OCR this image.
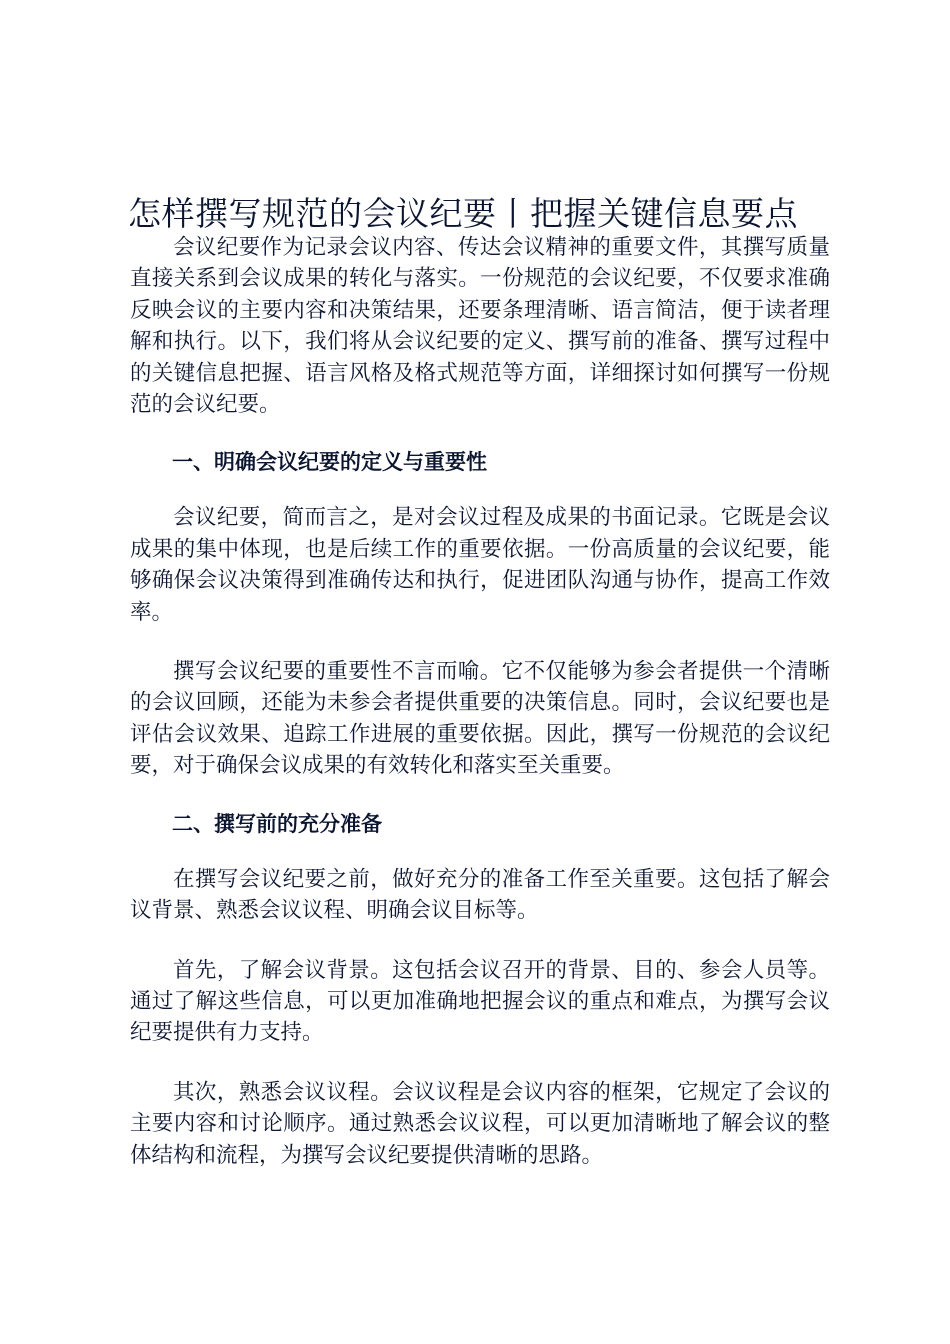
怎样撰写规范的会议纪要丨把握关键信息要点

会议纪要作为记录会议内容、传达会议精神的重要文件，其撰写质量直接关系到会议成果的转化与落实。一份规范的会议纪要，不仅要求准确反映会议的主要内容和决策结果，还要条理清晰、语言简洁，便于读者理解和执行。以下，我们将从会议纪要的定义、撰写前的准备、撰写过程中的关键信息把握、语言风格及格式规范等方面，详细探讨如何撰写一份规范的会议纪要。

一、明确会议纪要的定义与重要性

会议纪要，简而言之，是对会议过程及成果的书面记录。它既是会议成果的集中体现，也是后续工作的重要依据。一份高质量的会议纪要，能够确保会议决策得到准确传达和执行，促进团队沟通与协作，提高工作效率。

撰写会议纪要的重要性不言而喻。它不仅能够为参会者提供一个清晰的会议回顾，还能为未参会者提供重要的决策信息。同时，会议纪要也是评估会议效果、追踪工作进展的重要依据。因此，撰写一份规范的会议纪要，对于确保会议成果的有效转化和落实至关重要。

二、撰写前的充分准备

在撰写会议纪要之前，做好充分的准备工作至关重要。这包括了解会议背景、熟悉会议议程、明确会议目标等。

首先，了解会议背景。这包括会议召开的背景、目的、参会人员等。通过了解这些信息，可以更加准确地把握会议的重点和难点，为撰写会议纪要提供有力支持。

其次，熟悉会议议程。会议议程是会议内容的框架，它规定了会议的主要内容和讨论顺序。通过熟悉会议议程，可以更加清晰地了解会议的整体结构和流程，为撰写会议纪要提供清晰的思路。
